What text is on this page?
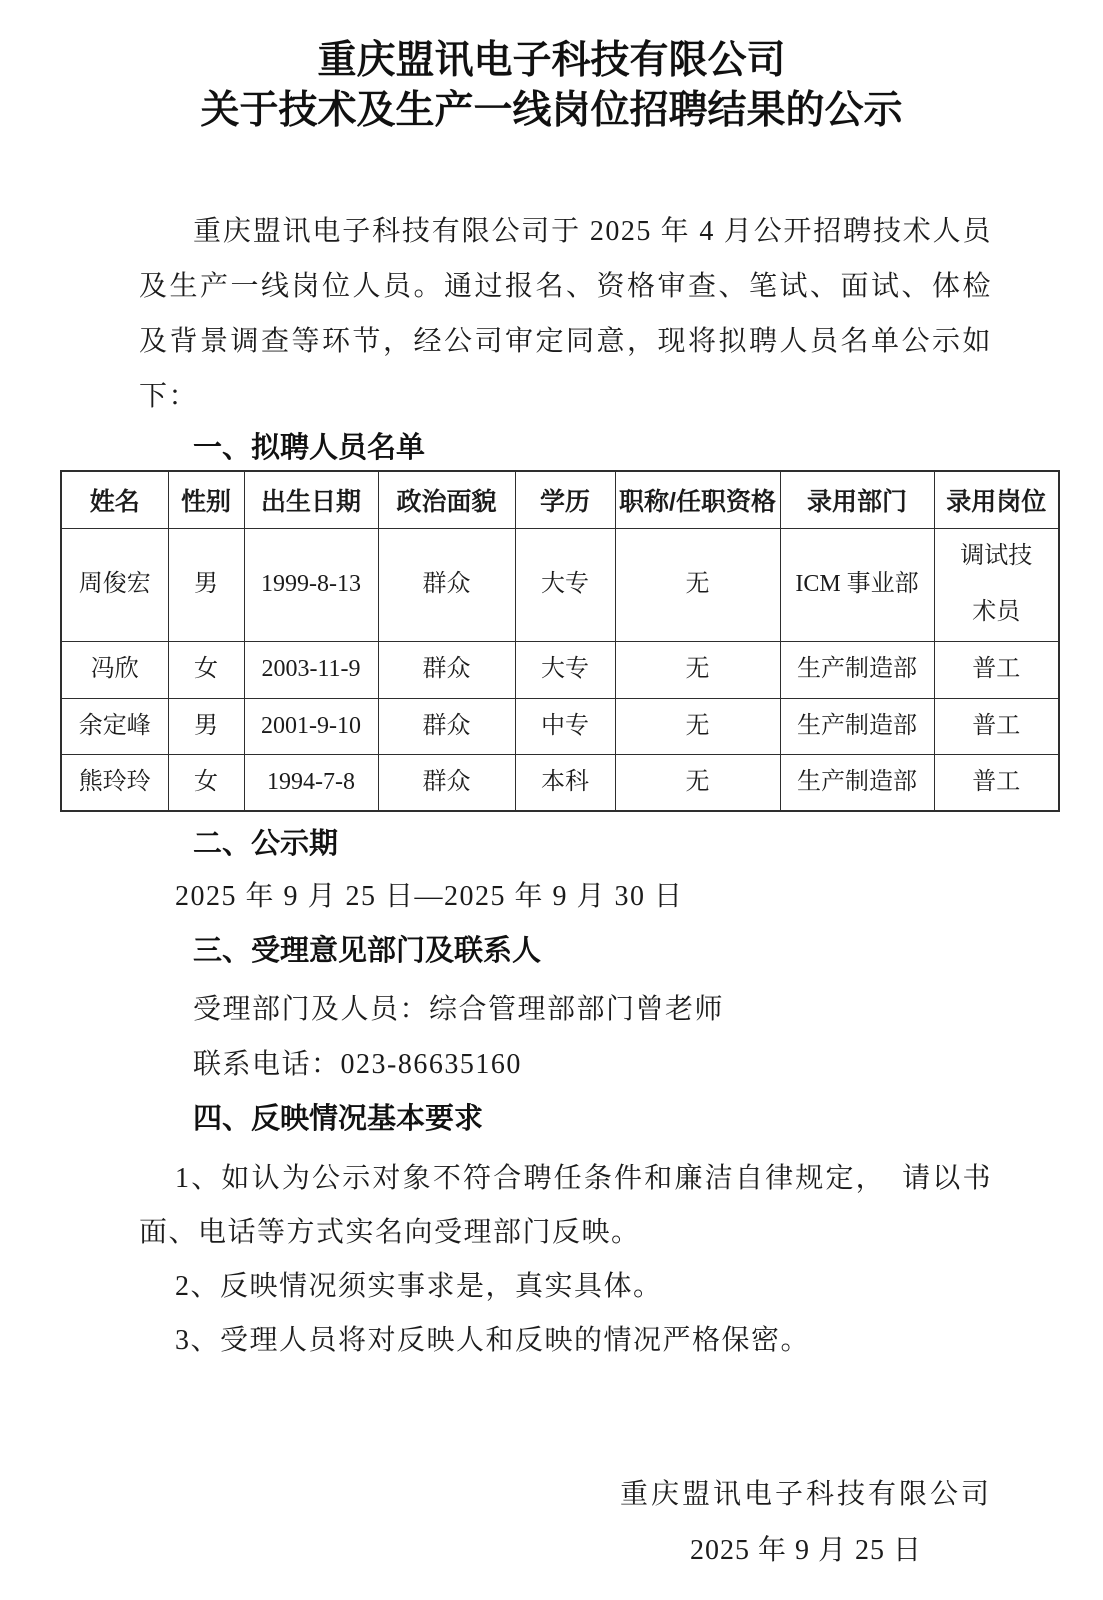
重庆盟讯电子科技有限公司
关于技术及生产一线岗位招聘结果的公示

重庆盟讯电子科技有限公司于 2025 年 4 月公开招聘技术人员及生产一线岗位人员。通过报名、资格审查、笔试、面试、体检及背景调查等环节，经公司审定同意，现将拟聘人员名单公示如下：

一、拟聘人员名单
姓名	性别	出生日期	政治面貌	学历	职称/任职资格	录用部门	录用岗位
周俊宏	男	1999-8-13	群众	大专	无	ICM 事业部	调试技术员
冯欣	女	2003-11-9	群众	大专	无	生产制造部	普工
余定峰	男	2001-9-10	群众	中专	无	生产制造部	普工
熊玲玲	女	1994-7-8	群众	本科	无	生产制造部	普工
二、公示期

2025 年 9 月 25 日—2025 年 9 月 30 日

三、受理意见部门及联系人

受理部门及人员：综合管理部部门曾老师

联系电话：023-86635160

四、反映情况基本要求

1、如认为公示对象不符合聘任条件和廉洁自律规定，　请以书面、电话等方式实名向受理部门反映。

2、反映情况须实事求是，真实具体。

3、受理人员将对反映人和反映的情况严格保密。

重庆盟讯电子科技有限公司
2025 年 9 月 25 日
